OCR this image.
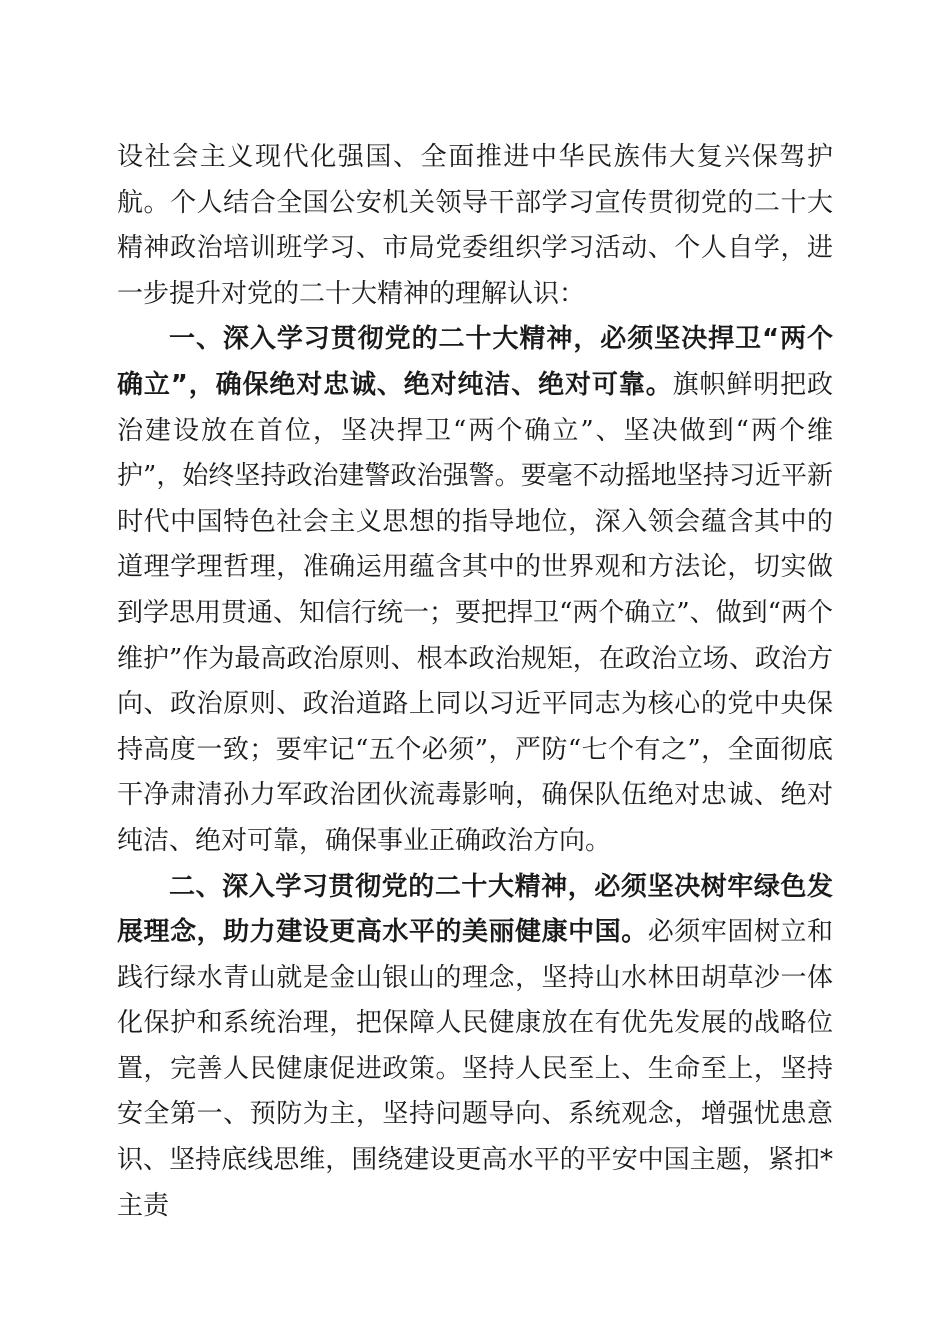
设社会主义现代化强国、全面推进中华民族伟大复兴保驾护航。个人结合全国公安机关领导干部学习宣传贯彻党的二十大精神政治培训班学习、市局党委组织学习活动、个人自学，进一步提升对党的二十大精神的理解认识：

一、深入学习贯彻党的二十大精神，必须坚决捍卫“两个确立”，确保绝对忠诚、绝对纯洁、绝对可靠。旗帜鲜明把政治建设放在首位，坚决捍卫“两个确立”、坚决做到“两个维护”，始终坚持政治建警政治强警。要毫不动摇地坚持习近平新时代中国特色社会主义思想的指导地位，深入领会蕴含其中的道理学理哲理，准确运用蕴含其中的世界观和方法论，切实做到学思用贯通、知信行统一；要把捍卫“两个确立”、做到“两个维护”作为最高政治原则、根本政治规矩，在政治立场、政治方向、政治原则、政治道路上同以习近平同志为核心的党中央保持高度一致；要牢记“五个必须”，严防“七个有之”，全面彻底干净肃清孙力军政治团伙流毒影响，确保队伍绝对忠诚、绝对纯洁、绝对可靠，确保事业正确政治方向。

二、深入学习贯彻党的二十大精神，必须坚决树牢绿色发展理念，助力建设更高水平的美丽健康中国。必须牢固树立和践行绿水青山就是金山银山的理念，坚持山水林田胡草沙一体化保护和系统治理，把保障人民健康放在有优先发展的战略位置，完善人民健康促进政策。坚持人民至上、生命至上，坚持安全第一、预防为主，坚持问题导向、系统观念，增强忧患意识、坚持底线思维，围绕建设更高水平的平安中国主题，紧扣*主责
